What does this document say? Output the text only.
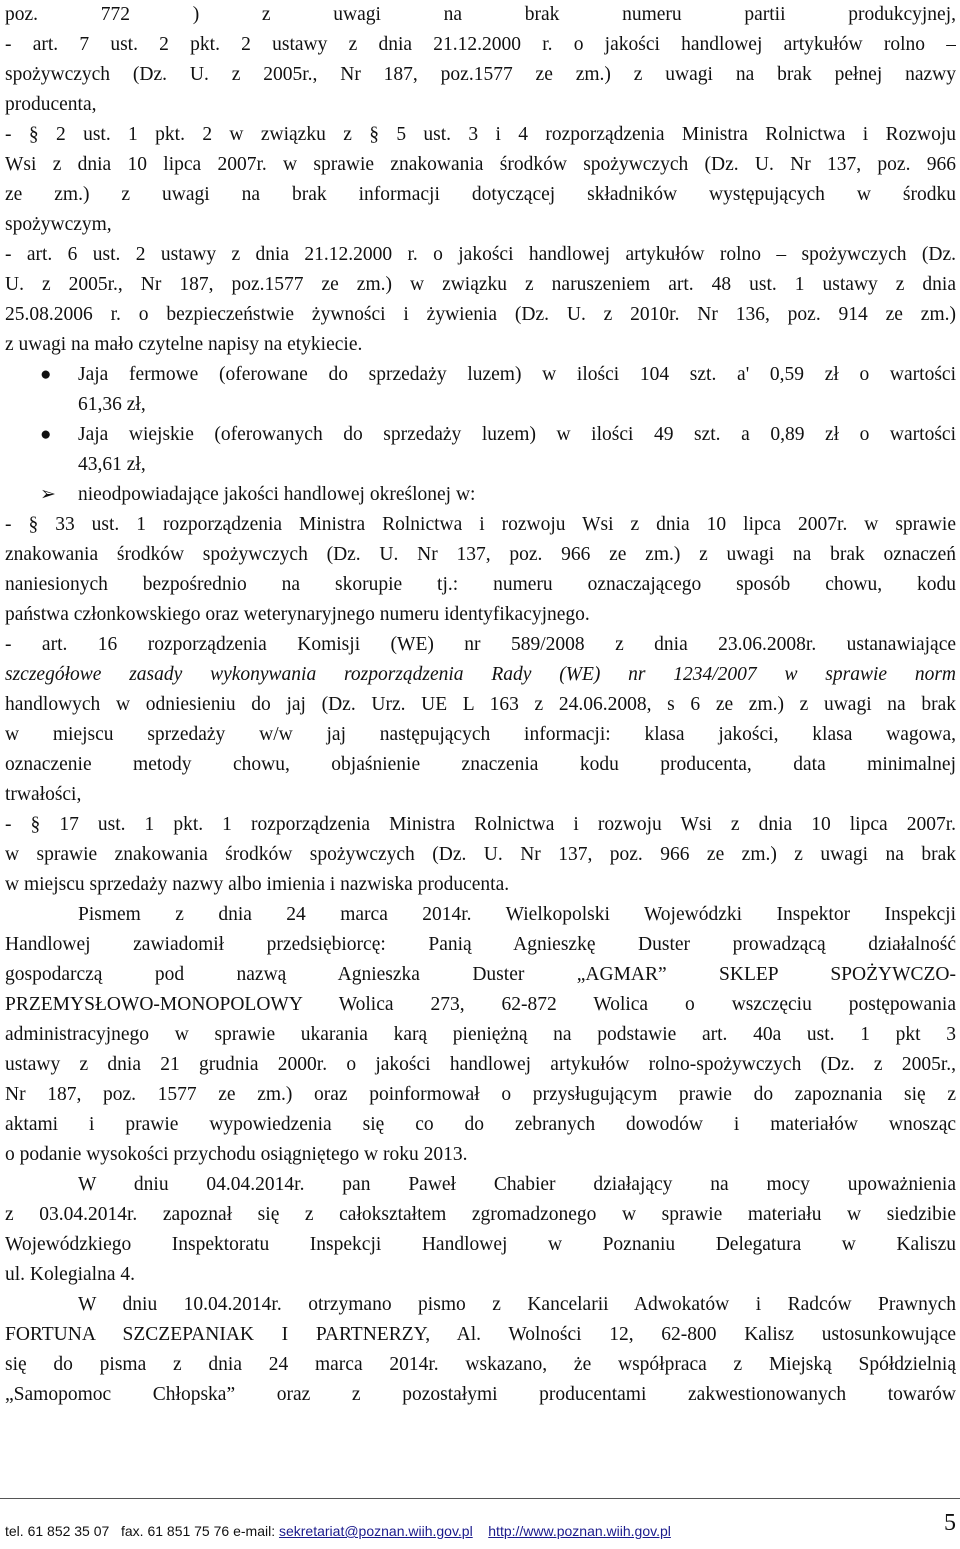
poz. 772 ) z uwagi na brak numeru partii produkcyjnej,
- art. 7 ust. 2 pkt. 2 ustawy z dnia 21.12.2000 r. o jakości handlowej artykułów rolno –
spożywczych (Dz. U. z 2005r., Nr 187, poz.1577 ze zm.) z uwagi na brak pełnej nazwy
producenta,
- § 2 ust. 1 pkt. 2 w związku z § 5 ust. 3 i 4 rozporządzenia Ministra Rolnictwa i Rozwoju
Wsi z dnia 10 lipca 2007r. w sprawie znakowania środków spożywczych (Dz. U. Nr 137, poz. 966
ze zm.) z uwagi na brak informacji dotyczącej składników występujących w środku
spożywczym,
- art. 6 ust. 2 ustawy z dnia 21.12.2000 r. o jakości handlowej artykułów rolno – spożywczych (Dz.
U. z 2005r., Nr 187, poz.1577 ze zm.) w związku z naruszeniem art. 48 ust. 1 ustawy z dnia
25.08.2006 r. o bezpieczeństwie żywności i żywienia (Dz. U. z 2010r. Nr 136, poz. 914 ze zm.)
z uwagi na mało czytelne napisy na etykiecie.
●	Jaja fermowe (oferowane do sprzedaży luzem) w ilości 104 szt. a' 0,59 zł o wartości
61,36 zł,
●	Jaja wiejskie (oferowanych do sprzedaży luzem) w ilości 49 szt. a 0,89 zł o wartości
43,61 zł,
➢ nieodpowiadające jakości handlowej określonej w:
- § 33 ust. 1 rozporządzenia Ministra Rolnictwa i rozwoju Wsi z dnia 10 lipca 2007r. w sprawie
znakowania środków spożywczych (Dz. U. Nr 137, poz. 966 ze zm.) z uwagi na brak oznaczeń
naniesionych bezpośrednio na skorupie tj.: numeru oznaczającego sposób chowu, kodu
państwa członkowskiego oraz weterynaryjnego numeru identyfikacyjnego.
- art. 16 rozporządzenia Komisji (WE) nr 589/2008 z dnia 23.06.2008r. ustanawiające
szczegółowe zasady wykonywania rozporządzenia Rady (WE) nr 1234/2007 w sprawie norm
handlowych w odniesieniu do jaj (Dz. Urz. UE L 163 z 24.06.2008, s 6 ze zm.) z uwagi na brak
w miejscu sprzedaży w/w jaj następujących informacji: klasa jakości, klasa wagowa,
oznaczenie metody chowu, objaśnienie znaczenia kodu producenta, data minimalnej
trwałości,
- § 17 ust. 1 pkt. 1 rozporządzenia Ministra Rolnictwa i rozwoju Wsi z dnia 10 lipca 2007r.
w sprawie znakowania środków spożywczych (Dz. U. Nr 137, poz. 966 ze zm.) z uwagi na brak
w miejscu sprzedaży nazwy albo imienia i nazwiska producenta.
Pismem z dnia 24 marca 2014r. Wielkopolski Wojewódzki Inspektor Inspekcji
Handlowej zawiadomił przedsiębiorcę: Panią Agnieszkę Duster prowadzącą działalność
gospodarczą pod nazwą Agnieszka Duster „AGMAR” SKLEP SPOŻYWCZO-
PRZEMYSŁOWO-MONOPOLOWY Wolica 273, 62-872 Wolica o wszczęciu postępowania
administracyjnego w sprawie ukarania karą pieniężną na podstawie art. 40a ust. 1 pkt 3
ustawy z dnia 21 grudnia 2000r. o jakości handlowej artykułów rolno-spożywczych (Dz. z 2005r.,
Nr 187, poz. 1577 ze zm.) oraz poinformował o przysługującym prawie do zapoznania się z
aktami i prawie wypowiedzenia się co do zebranych dowodów i materiałów wnosząc
o podanie wysokości przychodu osiągniętego w roku 2013.
W dniu 04.04.2014r. pan Paweł Chabier działający na mocy upoważnienia
z 03.04.2014r. zapoznał się z całokształtem zgromadzonego w sprawie materiału w siedzibie
Wojewódzkiego Inspektoratu Inspekcji Handlowej w Poznaniu Delegatura w Kaliszu
ul. Kolegialna 4.
W dniu 10.04.2014r. otrzymano pismo z Kancelarii Adwokatów i Radców Prawnych
FORTUNA SZCZEPANIAK I PARTNERZY, Al. Wolności 12, 62-800 Kalisz ustosunkowujące
się do pisma z dnia 24 marca 2014r. wskazano, że współpraca z Miejską Spółdzielnią
„Samopomoc Chłopska” oraz z pozostałymi producentami zakwestionowanych towarów
tel. 61 852 35 07 fax. 61 851 75 76 e-mail: sekretariat@poznan.wiih.gov.pl http://www.poznan.wiih.gov.pl	5
